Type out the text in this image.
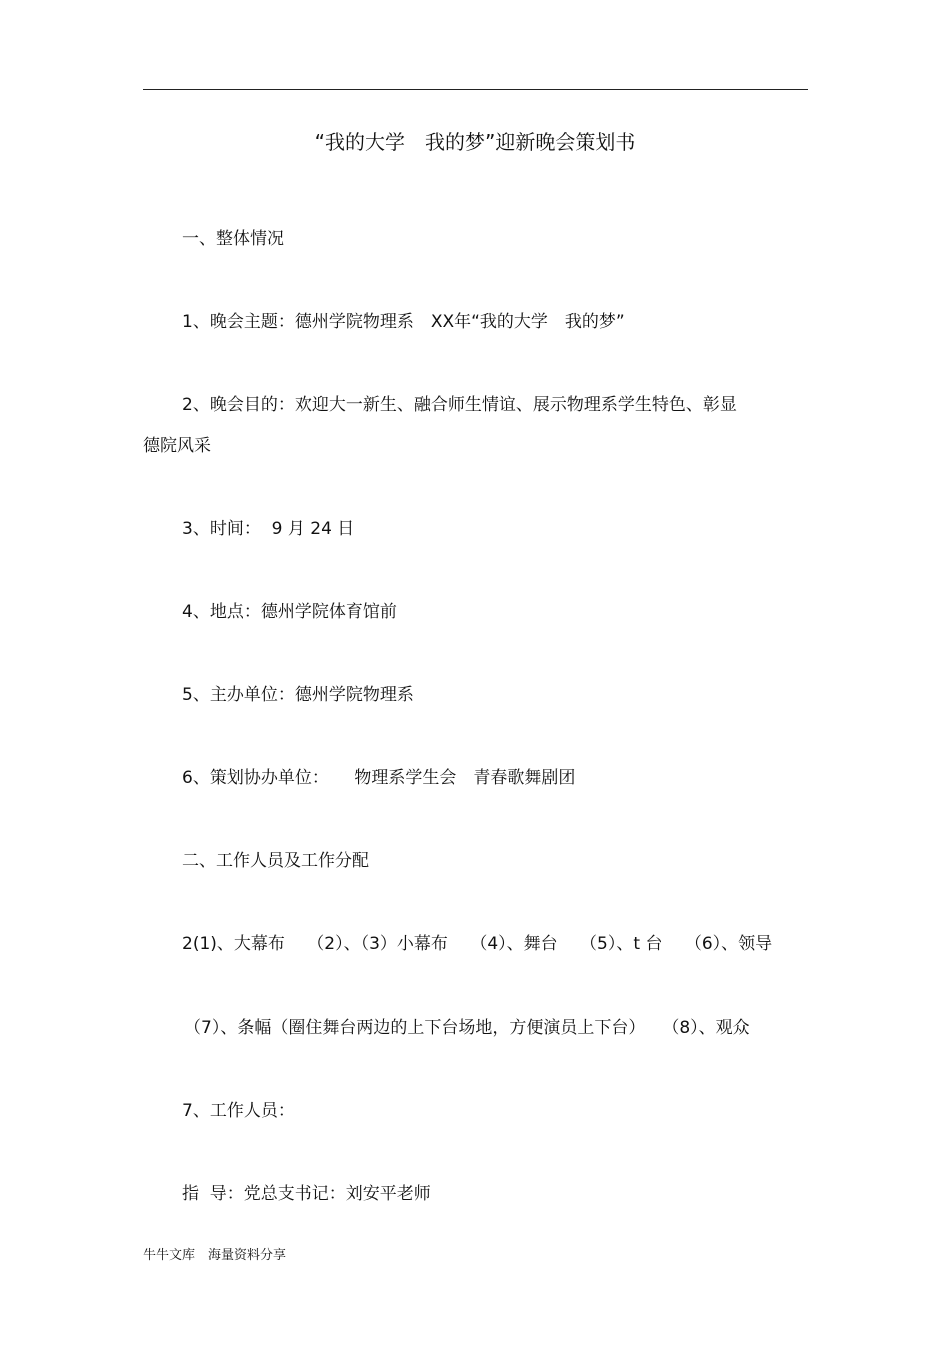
“我的大学　我的梦”迎新晚会策划书
一、整体情况
1、晚会主题：德州学院物理系　XX年“我的大学　我的梦”
2、晚会目的：欢迎大一新生、融合师生情谊、展示物理系学生特色、彰显
德院风采
3、时间：  9 月 24 日
4、地点：德州学院体育馆前
5、主办单位：德州学院物理系
6、策划协办单位：　　物理系学生会　青春歌舞剧团
二、工作人员及工作分配
2(1)、大幕布　 （2）、（3）小幕布　 （4）、舞台　 （5）、t 台　 （6）、领导
（7）、条幅（圈住舞台两边的上下台场地，方便演员上下台）　　（8）、观众
7、工作人员：
指  导：党总支书记：刘安平老师
牛牛文库　海量资料分享
